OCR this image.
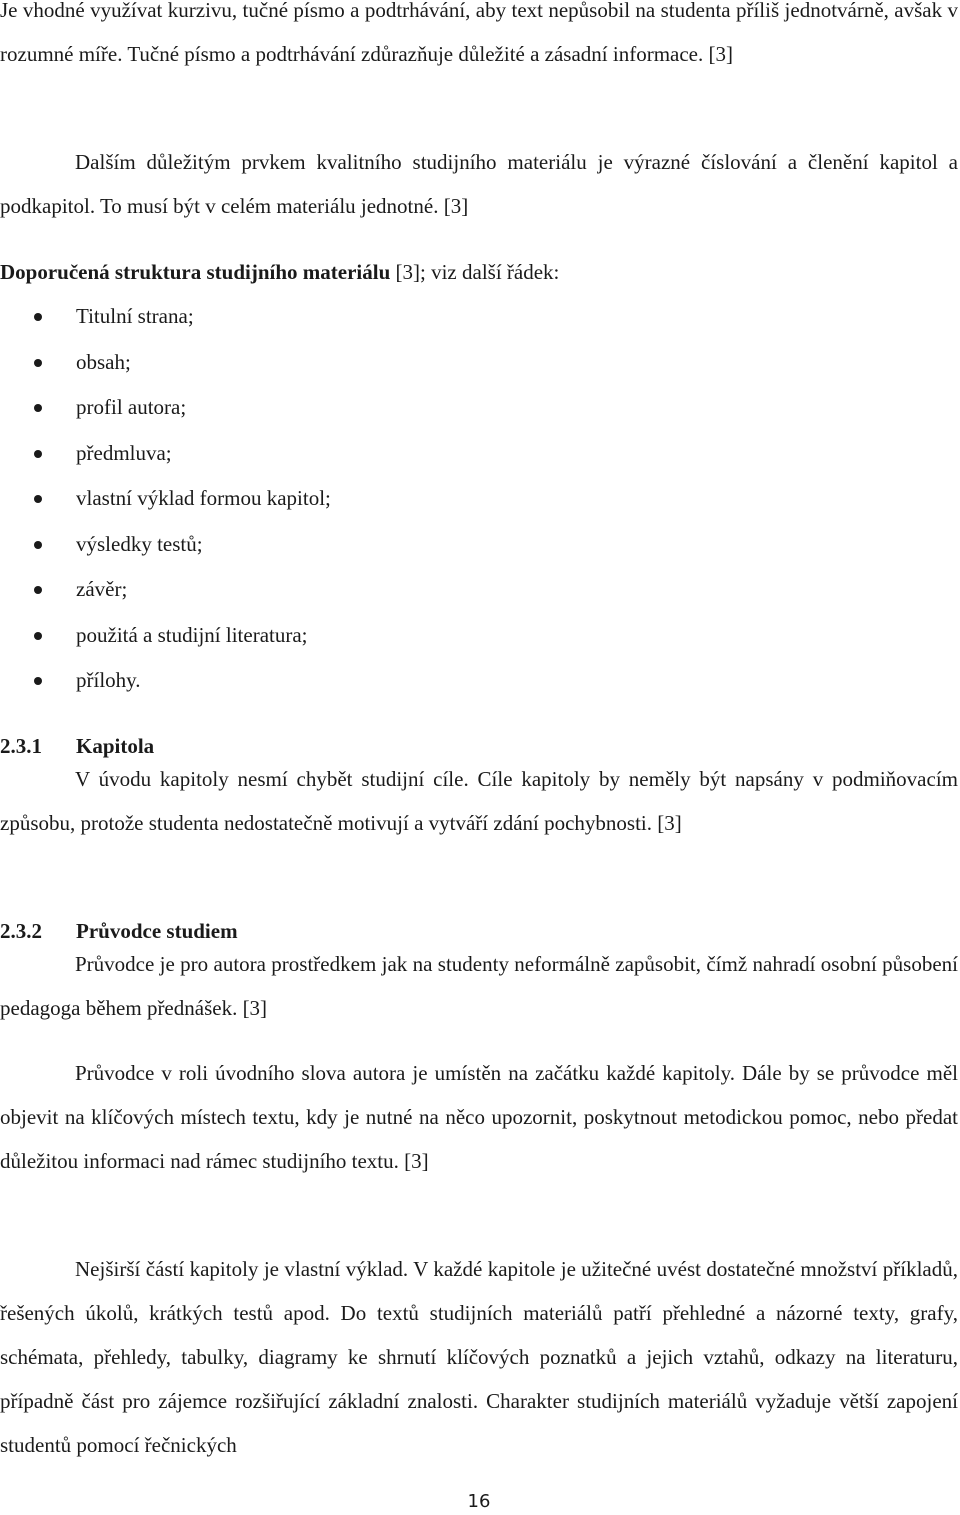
Je vhodné využívat kurzivu, tučné písmo a podtrhávání, aby text nepůsobil na studenta příliš jednotvárně, avšak v rozumné míře. Tučné písmo a podtrhávání zdůrazňuje důležité a zásadní informace. [3]

Dalším důležitým prvkem kvalitního studijního materiálu je výrazné číslování a členění kapitol a podkapitol. To musí být v celém materiálu jednotné. [3]

Doporučená struktura studijního materiálu [3]; viz další řádek:

Titulní strana;
obsah;
profil autora;
předmluva;
vlastní výklad formou kapitol;
výsledky testů;
závěr;
použitá a studijní literatura;
přílohy.
2.3.1 Kapitola

V úvodu kapitoly nesmí chybět studijní cíle. Cíle kapitoly by neměly být napsány v podmiňovacím způsobu, protože studenta nedostatečně motivují a vytváří zdání pochybnosti. [3]

2.3.2 Průvodce studiem

Průvodce je pro autora prostředkem jak na studenty neformálně zapůsobit, čímž nahradí osobní působení pedagoga během přednášek. [3]

Průvodce v roli úvodního slova autora je umístěn na začátku každé kapitoly. Dále by se průvodce měl objevit na klíčových místech textu, kdy je nutné na něco upozornit, poskytnout metodickou pomoc, nebo předat důležitou informaci nad rámec studijního textu. [3]

Nejširší částí kapitoly je vlastní výklad. V každé kapitole je užitečné uvést dostatečné množství příkladů, řešených úkolů, krátkých testů apod. Do textů studijních materiálů patří přehledné a názorné texty, grafy, schémata, přehledy, tabulky, diagramy ke shrnutí klíčových poznatků a jejich vztahů, odkazy na literaturu, případně část pro zájemce rozšiřující základní znalosti. Charakter studijních materiálů vyžaduje větší zapojení studentů pomocí řečnických

16
